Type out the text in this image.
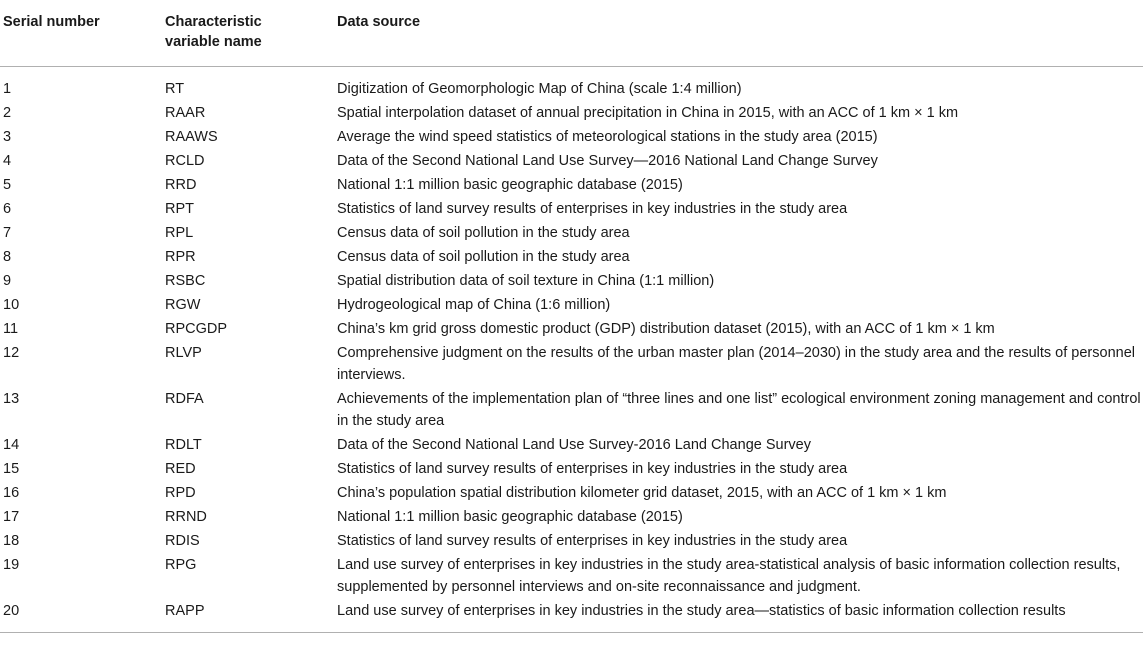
Serial number	Characteristic variable name	Data source
1	RT	Digitization of Geomorphologic Map of China (scale 1:4 million)
2	RAAR	Spatial interpolation dataset of annual precipitation in China in 2015, with an ACC of 1 km × 1 km
3	RAAWS	Average the wind speed statistics of meteorological stations in the study area (2015)
4	RCLD	Data of the Second National Land Use Survey—2016 National Land Change Survey
5	RRD	National 1:1 million basic geographic database (2015)
6	RPT	Statistics of land survey results of enterprises in key industries in the study area
7	RPL	Census data of soil pollution in the study area
8	RPR	Census data of soil pollution in the study area
9	RSBC	Spatial distribution data of soil texture in China (1:1 million)
10	RGW	Hydrogeological map of China (1:6 million)
11	RPCGDP	China’s km grid gross domestic product (GDP) distribution dataset (2015), with an ACC of 1 km × 1 km
12	RLVP	Comprehensive judgment on the results of the urban master plan (2014–2030) in the study area and the results of personnel interviews.
13	RDFA	Achievements of the implementation plan of “three lines and one list” ecological environment zoning management and control in the study area
14	RDLT	Data of the Second National Land Use Survey-2016 Land Change Survey
15	RED	Statistics of land survey results of enterprises in key industries in the study area
16	RPD	China’s population spatial distribution kilometer grid dataset, 2015, with an ACC of 1 km × 1 km
17	RRND	National 1:1 million basic geographic database (2015)
18	RDIS	Statistics of land survey results of enterprises in key industries in the study area
19	RPG	Land use survey of enterprises in key industries in the study area-statistical analysis of basic information collection results, supplemented by personnel interviews and on-site reconnaissance and judgment.
20	RAPP	Land use survey of enterprises in key industries in the study area—statistics of basic information collection results
